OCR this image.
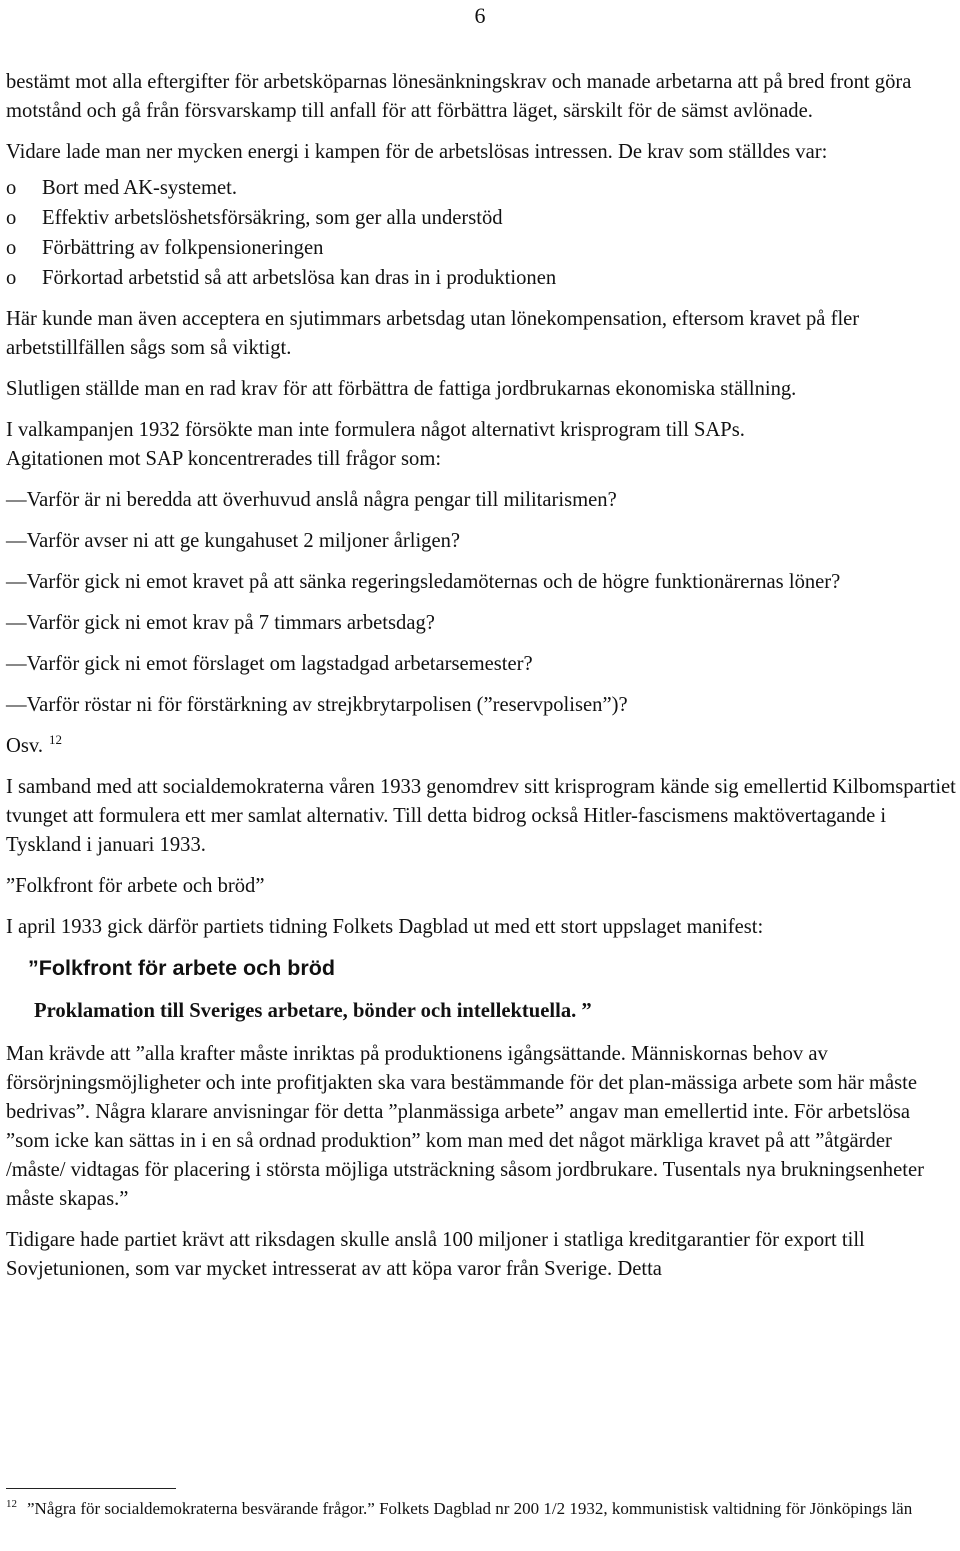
6

bestämt mot alla eftergifter för arbetsköparnas lönesänkningskrav och manade arbetarna att på bred front göra motstånd och gå från försvarskamp till anfall för att förbättra läget, särskilt för de sämst avlönade.

Vidare lade man ner mycken energi i kampen för de arbetslösas intressen. De krav som ställdes var:

o Bort med AK-systemet.
o Effektiv arbetslöshetsförsäkring, som ger alla understöd
o Förbättring av folkpensioneringen
o Förkortad arbetstid så att arbetslösa kan dras in i produktionen

Här kunde man även acceptera en sjutimmars arbetsdag utan lönekompensation, eftersom kravet på fler arbetstillfällen sågs som så viktigt.

Slutligen ställde man en rad krav för att förbättra de fattiga jordbrukarnas ekonomiska ställning.

I valkampanjen 1932 försökte man inte formulera något alternativt krisprogram till SAPs.

Agitationen mot SAP koncentrerades till frågor som:

—Varför är ni beredda att överhuvud anslå några pengar till militarismen?

—Varför avser ni att ge kungahuset 2 miljoner årligen?

—Varför gick ni emot kravet på att sänka regeringsledamöternas och de högre funktionärernas löner?

—Varför gick ni emot krav på 7 timmars arbetsdag?

—Varför gick ni emot förslaget om lagstadgad arbetarsemester?

—Varför röstar ni för förstärkning av strejkbrytarpolisen (”reservpolisen”)?

Osv. $^{12}$

I samband med att socialdemokraterna våren 1933 genomdrev sitt krisprogram kände sig emellertid Kilbomspartiet tvunget att formulera ett mer samlat alternativ. Till detta bidrog också Hitler-fascismens maktövertagande i Tyskland i januari 1933.

”Folkfront för arbete och bröd”

I april 1933 gick därför partiets tidning Folkets Dagblad ut med ett stort uppslaget manifest:

”Folkfront för arbete och bröd
Proklamation till Sveriges arbetare, bönder och intellektuella. ”

Man krävde att ”alla krafter måste inriktas på produktionens igångsättande. Människornas behov av försörjningsmöjligheter och inte profitjakten ska vara bestämmande för det plan-mässiga arbete som här måste bedrivas”. Några klarare anvisningar för detta ”planmässiga arbete” angav man emellertid inte. För arbetslösa ”som icke kan sättas in i en så ordnad produktion” kom man med det något märkliga kravet på att ”åtgärder /måste/ vidtagas för placering i största möjliga utsträckning såsom jordbrukare. Tusentals nya brukningsenheter måste skapas.”

Tidigare hade partiet krävt att riksdagen skulle anslå 100 miljoner i statliga kreditgarantier för export till Sovjetunionen, som var mycket intresserat av att köpa varor från Sverige. Detta

$^{12}$ ”Några för socialdemokraterna besvärande frågor.” Folkets Dagblad nr 200 1/2 1932, kommunistisk valtidning för Jönköpings län
